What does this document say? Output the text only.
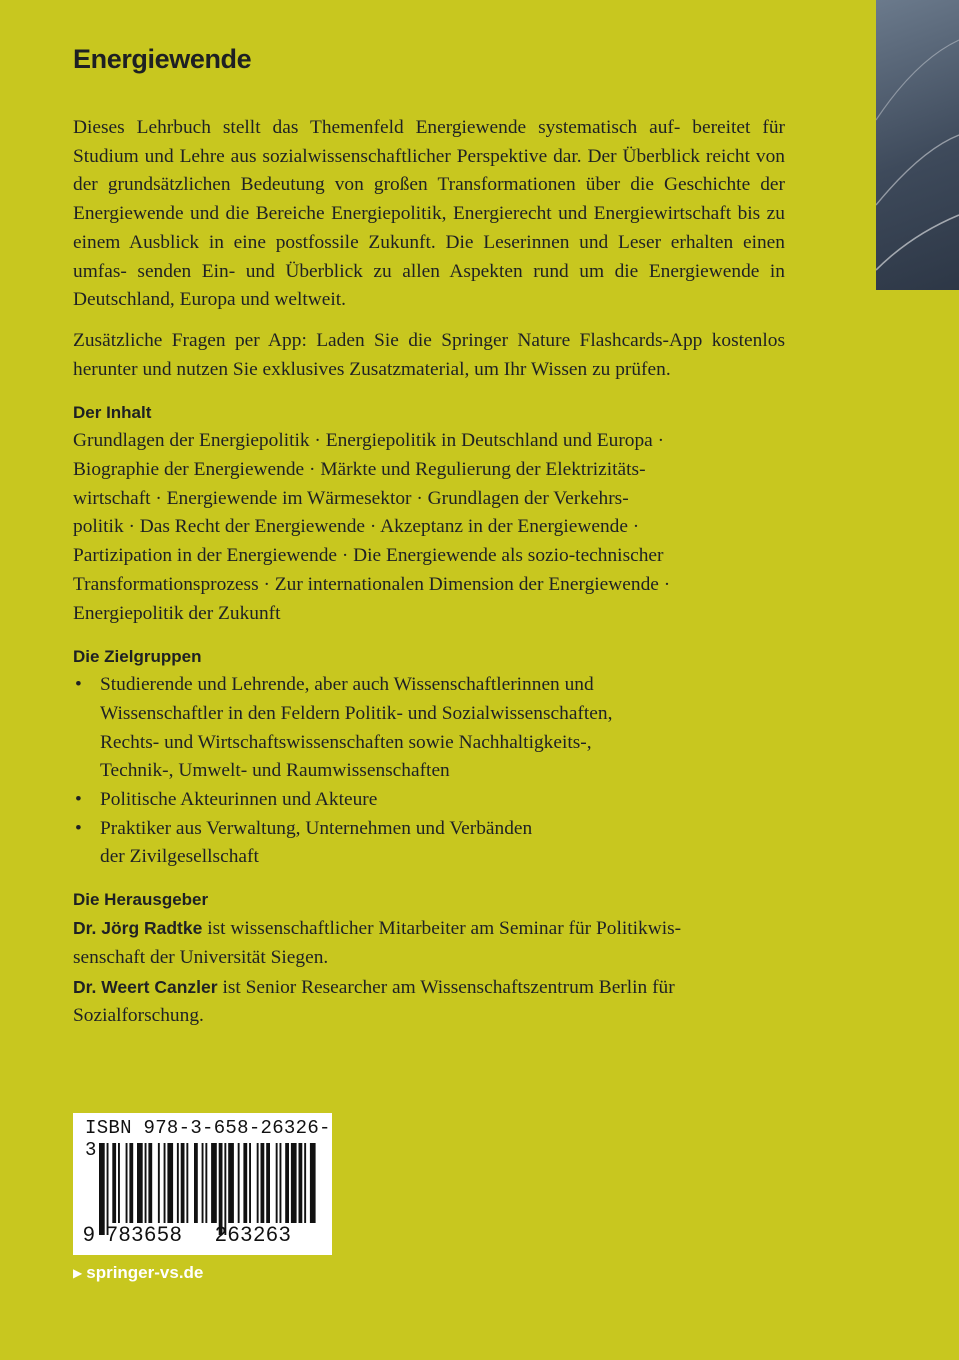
Energiewende

Dieses Lehrbuch stellt das Themenfeld Energiewende systematisch auf- bereitet für Studium und Lehre aus sozialwissenschaftlicher Perspektive dar. Der Überblick reicht von der grundsätzlichen Bedeutung von großen Transformationen über die Geschichte der Energiewende und die Bereiche Energiepolitik, Energierecht und Energiewirtschaft bis zu einem Ausblick in eine postfossile Zukunft. Die Leserinnen und Leser erhalten einen umfas- senden Ein- und Überblick zu allen Aspekten rund um die Energiewende in Deutschland, Europa und weltweit.

Zusätzliche Fragen per App: Laden Sie die Springer Nature Flashcards-App kostenlos herunter und nutzen Sie exklusives Zusatzmaterial, um Ihr Wissen zu prüfen.

Der Inhalt
Grundlagen der Energiepolitik · Energiepolitik in Deutschland und Europa ·
Biographie der Energiewende · Märkte und Regulierung der Elektrizitäts-
wirtschaft · Energiewende im Wärmesektor · Grundlagen der Verkehrs-
politik · Das Recht der Energiewende · Akzeptanz in der Energiewende ·
Partizipation in der Energiewende · Die Energiewende als sozio-technischer
Transformationsprozess · Zur internationalen Dimension der Energiewende ·
Energiepolitik der Zukunft
Die Zielgruppen
• Studierende und Lehrende, aber auch Wissenschaftlerinnen und
Wissenschaftler in den Feldern Politik- und Sozialwissenschaften,
Rechts- und Wirtschaftswissenschaften sowie Nachhaltigkeits-,
Technik-, Umwelt- und Raumwissenschaften
• Politische Akteurinnen und Akteure
• Praktiker aus Verwaltung, Unternehmen und Verbänden
der Zivilgesellschaft
Die Herausgeber
Dr. Jörg Radtke ist wissenschaftlicher Mitarbeiter am Seminar für Politikwis-
senschaft der Universität Siegen.
Dr. Weert Canzler ist Senior Researcher am Wissenschaftszentrum Berlin für
Sozialforschung.
ISBN 978-3-658-26326-3
9 783658 263263
▶ springer-vs.de
